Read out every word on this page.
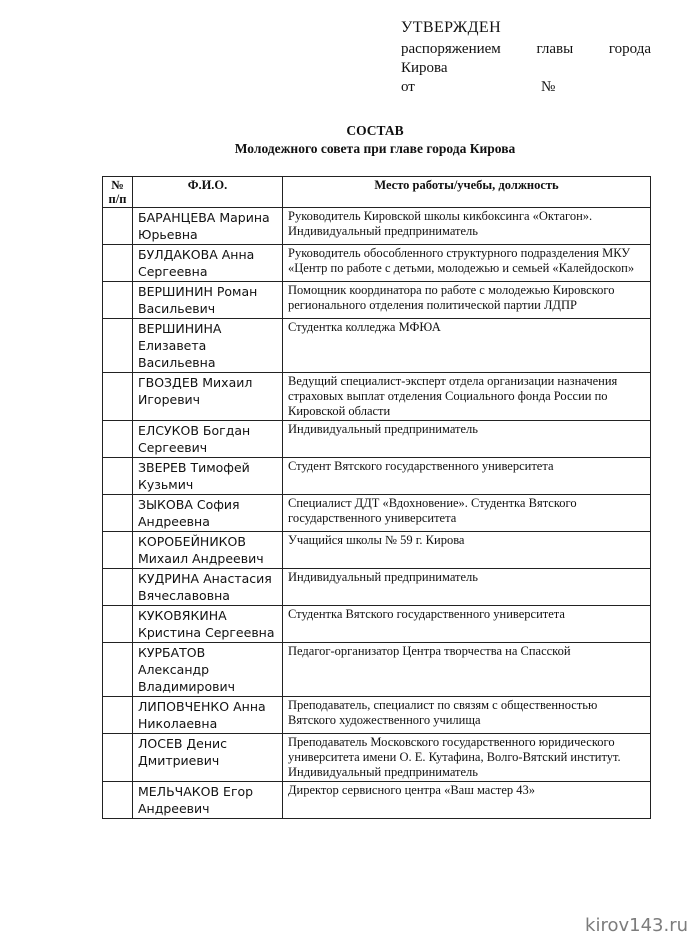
УТВЕРЖДЕН
распоряжением главы города
Кирова
от	№
СОСТАВ
Молодежного совета при главе города Кирова
№ п/п	Ф.И.О.	Место работы/учебы, должность
	БАРАНЦЕВА Марина Юрьевна	Руководитель Кировской школы кикбоксинга «Октагон». Индивидуальный предприниматель
	БУЛДАКОВА Анна Сергеевна	Руководитель обособленного структурного подразделения МКУ «Центр по работе с детьми, молодежью и семьей «Калейдоскоп»
	ВЕРШИНИН Роман Васильевич	Помощник координатора по работе с молодежью Кировского регионального отделения политической партии ЛДПР
	ВЕРШИНИНА Елизавета Васильевна	Студентка колледжа МФЮА
	ГВОЗДЕВ Михаил Игоревич	Ведущий специалист-эксперт отдела организации назначения страховых выплат отделения Социального фонда России по Кировской области
	ЕЛСУКОВ Богдан Сергеевич	Индивидуальный предприниматель
	ЗВЕРЕВ Тимофей Кузьмич	Студент Вятского государственного университета
	ЗЫКОВА София Андреевна	Специалист ДДТ «Вдохновение». Студентка Вятского государственного университета
	КОРОБЕЙНИКОВ Михаил Андреевич	Учащийся школы № 59 г. Кирова
	КУДРИНА Анастасия Вячеславовна	Индивидуальный предприниматель
	КУКОВЯКИНА Кристина Сергеевна	Студентка Вятского государственного университета
	КУРБАТОВ Александр Владимирович	Педагог-организатор Центра творчества на Спасской
	ЛИПОВЧЕНКО Анна Николаевна	Преподаватель, специалист по связям с общественностью Вятского художественного училища
	ЛОСЕВ Денис Дмитриевич	Преподаватель Московского государственного юридического университета имени О. Е. Кутафина, Волго-Вятский институт. Индивидуальный предприниматель
	МЕЛЬЧАКОВ Егор Андреевич	Директор сервисного центра «Ваш мастер 43»
kirov143.ru
